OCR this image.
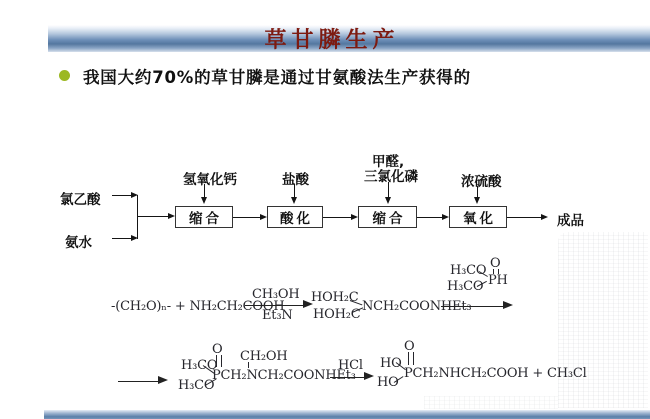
草甘膦生产
我国大约70%的草甘膦是通过甘氨酸法生产获得的
氯乙酸
氨水
氢氧化钙
缩合
盐酸
酸化
甲醛,
三氯化磷
缩合
浓硫酸
氧化	成品
-(CH₂O)ₙ- + NH₂CH₂COOH
CH₃OH
Et₃N
HOH₂C
HOH₂C
NCH₂COONHEt₃
H₃CO
H₃CO
O
PH
H₃CO
H₃CO
O
PCH₂NCH₂COONHEt₃
CH₂OH
HCl HO
HO
O
PCH₂NHCH₂COOH + CH₃Cl
